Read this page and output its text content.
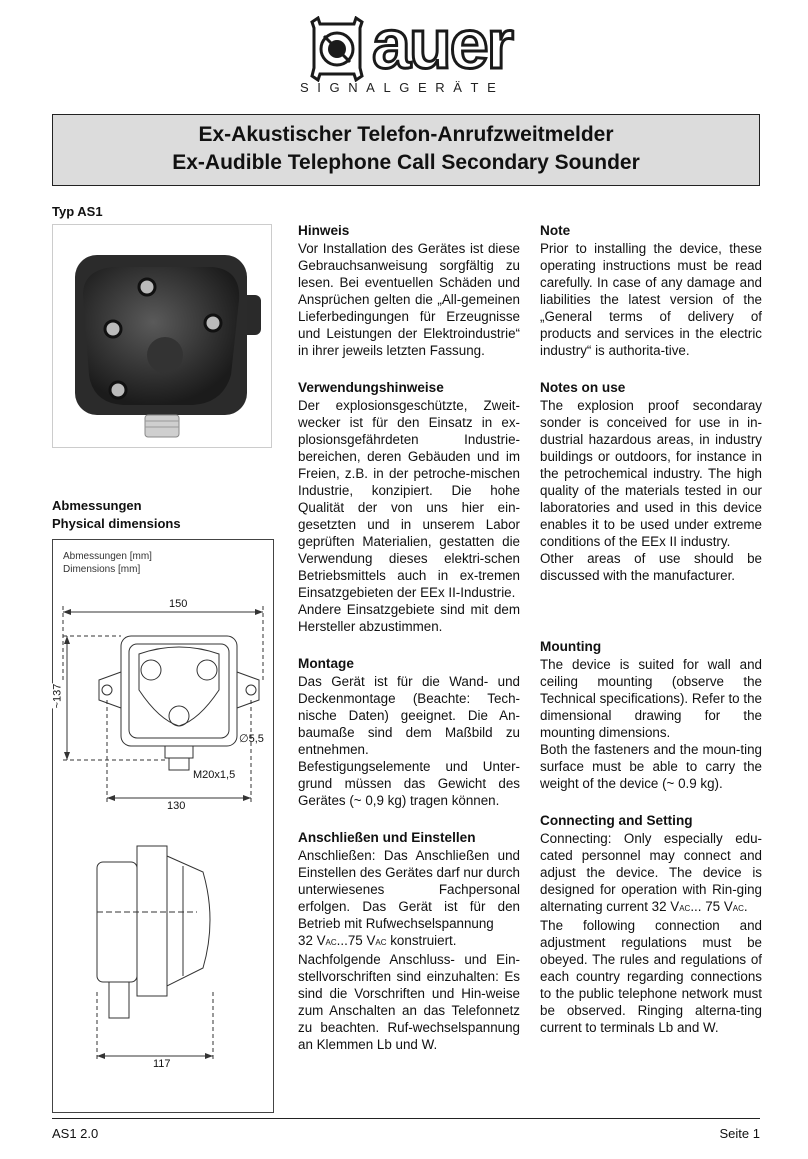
auer
SIGNALGERÄTE
Ex-Akustischer Telefon-Anrufzweitmelder
Ex-Audible Telephone Call Secondary Sounder
Typ AS1
Abmessungen
Physical dimensions
Abmessungen [mm]
Dimensions [mm]
150
~137
∅5,5
M20x1,5
130
117
Hinweis

Vor Installation des Gerätes ist diese Gebrauchsanweisung sorgfältig zu lesen. Bei eventuellen Schäden und Ansprüchen gelten die „All-gemeinen Lieferbedingungen für Erzeugnisse und Leistungen der Elektroindustrie“ in ihrer jeweils letzten Fassung.

Verwendungshinweise

Der explosionsgeschützte, Zweit-wecker ist für den Einsatz in ex-plosionsgefährdeten Industrie-bereichen, deren Gebäuden und im Freien, z.B. in der petroche-mischen Industrie, konzipiert. Die hohe Qualität der von uns hier ein-gesetzten und in unserem Labor geprüften Materialien, gestatten die Verwendung dieses elektri-schen Betriebsmittels auch in ex-tremen Einsatzgebieten der EEx II-Industrie.

Andere Einsatzgebiete sind mit dem Hersteller abzustimmen.

Montage

Das Gerät ist für die Wand- und Deckenmontage (Beachte: Tech-nische Daten) geeignet. Die An-baumaße sind dem Maßbild zu entnehmen.

Befestigungselemente und Unter-grund müssen das Gewicht des Gerätes (~ 0,9 kg) tragen können.

Anschließen und Einstellen

Anschließen: Das Anschließen und Einstellen des Gerätes darf nur durch unterwiesenes Fachpersonal erfolgen. Das Gerät ist für den Betrieb mit Rufwechselspannung

32 VAC...75 VAC konstruiert.

Nachfolgende Anschluss- und Ein-stellvorschriften sind einzuhalten: Es sind die Vorschriften und Hin-weise zum Anschalten an das Telefonnetz zu beachten. Ruf-wechselspannung an Klemmen Lb und W.

Note

Prior to installing the device, these operating instructions must be read carefully. In case of any damage and liabilities the latest version of the „General terms of delivery of products and services in the electric industry“ is authorita-tive.

Notes on use

The explosion proof secondaray sonder is conceived for use in in-dustrial hazardous areas, in industry buildings or outdoors, for instance in the petrochemical industry. The high quality of the materials tested in our laboratories and used in this device enables it to be used under extreme conditions of the EEx II industry.

Other areas of use should be discussed with the manufacturer.

Mounting

The device is suited for wall and ceiling mounting (observe the Technical specifications). Refer to the dimensional drawing for the mounting dimensions.

Both the fasteners and the moun-ting surface must be able to carry the weight of the device (~ 0.9 kg).

Connecting and Setting

Connecting: Only especially edu-cated personnel may connect and adjust the device. The device is designed for operation with Rin-ging alternating current 32 VAC... 75 VAC.

The following connection and adjustment regulations must be obeyed. The rules and regulations of each country regarding connections to the public telephone network must be observed. Ringing alterna-ting current to terminals Lb and W.

AS1 2.0	Seite 1
